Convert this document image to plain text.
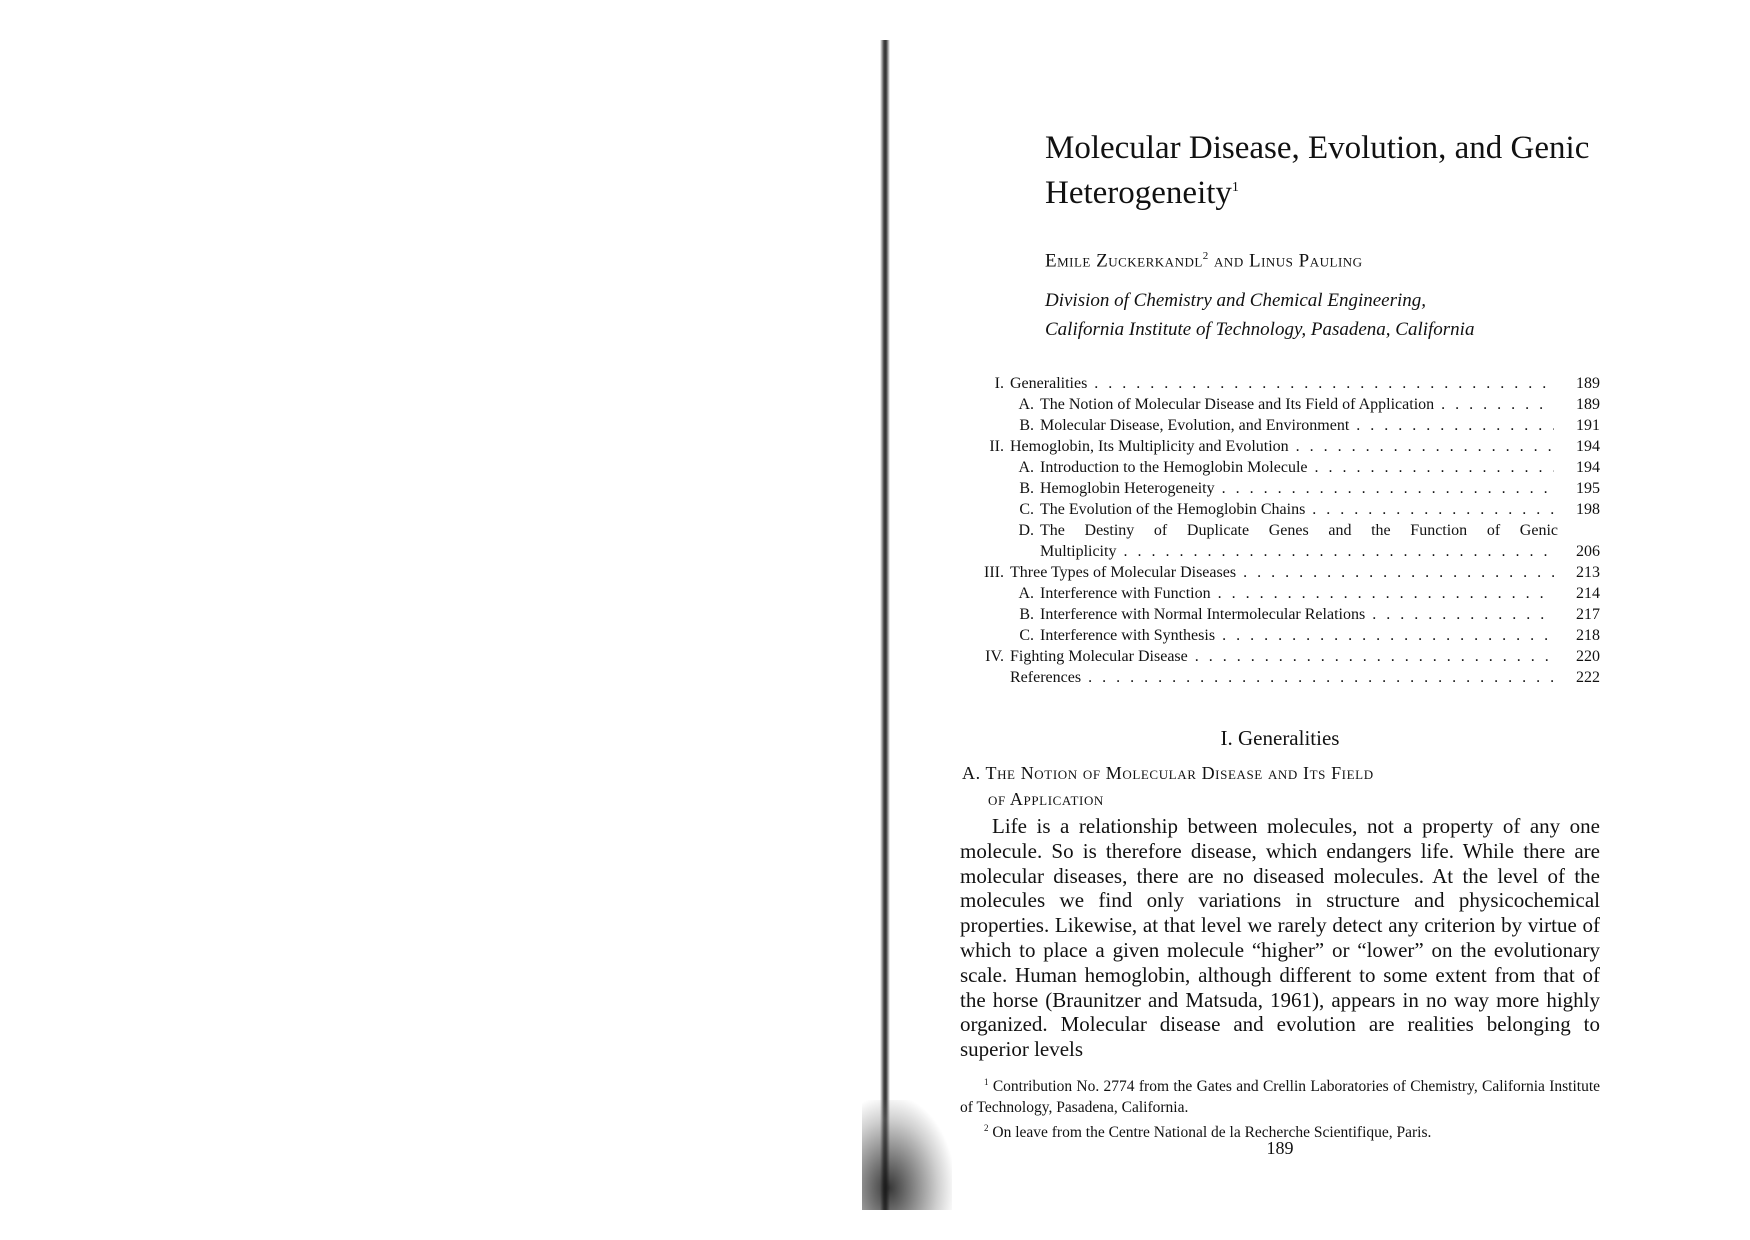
Molecular Disease, Evolution, and Genic Heterogeneity$^1$
Emile Zuckerkandl$^2$ and Linus Pauling
Division of Chemistry and Chemical Engineering,
California Institute of Technology, Pasadena, California
I. Generalities . . .	189
A. The Notion of Molecular Disease and Its Field of Application . . .	189
B. Molecular Disease, Evolution, and Environment . . .	191
II. Hemoglobin, Its Multiplicity and Evolution . . .	194
A. Introduction to the Hemoglobin Molecule . . .	194
B. Hemoglobin Heterogeneity . . .	195
C. The Evolution of the Hemoglobin Chains . . .	198
D. The Destiny of Duplicate Genes and the Function of Genic
Multiplicity . . .	206
III. Three Types of Molecular Diseases . . .	213
A. Interference with Function . . .	214
B. Interference with Normal Intermolecular Relations . . .	217
C. Interference with Synthesis . . .	218
IV. Fighting Molecular Disease . . .	220
References . . .	222
I. Generalities
A. The Notion of Molecular Disease and Its Field
of Application

Life is a relationship between molecules, not a property of any one molecule. So is therefore disease, which endangers life. While there are molecular diseases, there are no diseased molecules. At the level of the molecules we find only variations in structure and physicochemical properties. Likewise, at that level we rarely detect any criterion by virtue of which to place a given molecule “higher” or “lower” on the evolutionary scale. Human hemoglobin, although different to some extent from that of the horse (Braunitzer and Matsuda, 1961), appears in no way more highly organized. Molecular disease and evolution are realities belonging to superior levels

$^1$ Contribution No. 2774 from the Gates and Crellin Laboratories of Chemistry, California Institute of Technology, Pasadena, California.

$^2$ On leave from the Centre National de la Recherche Scientifique, Paris.

189
